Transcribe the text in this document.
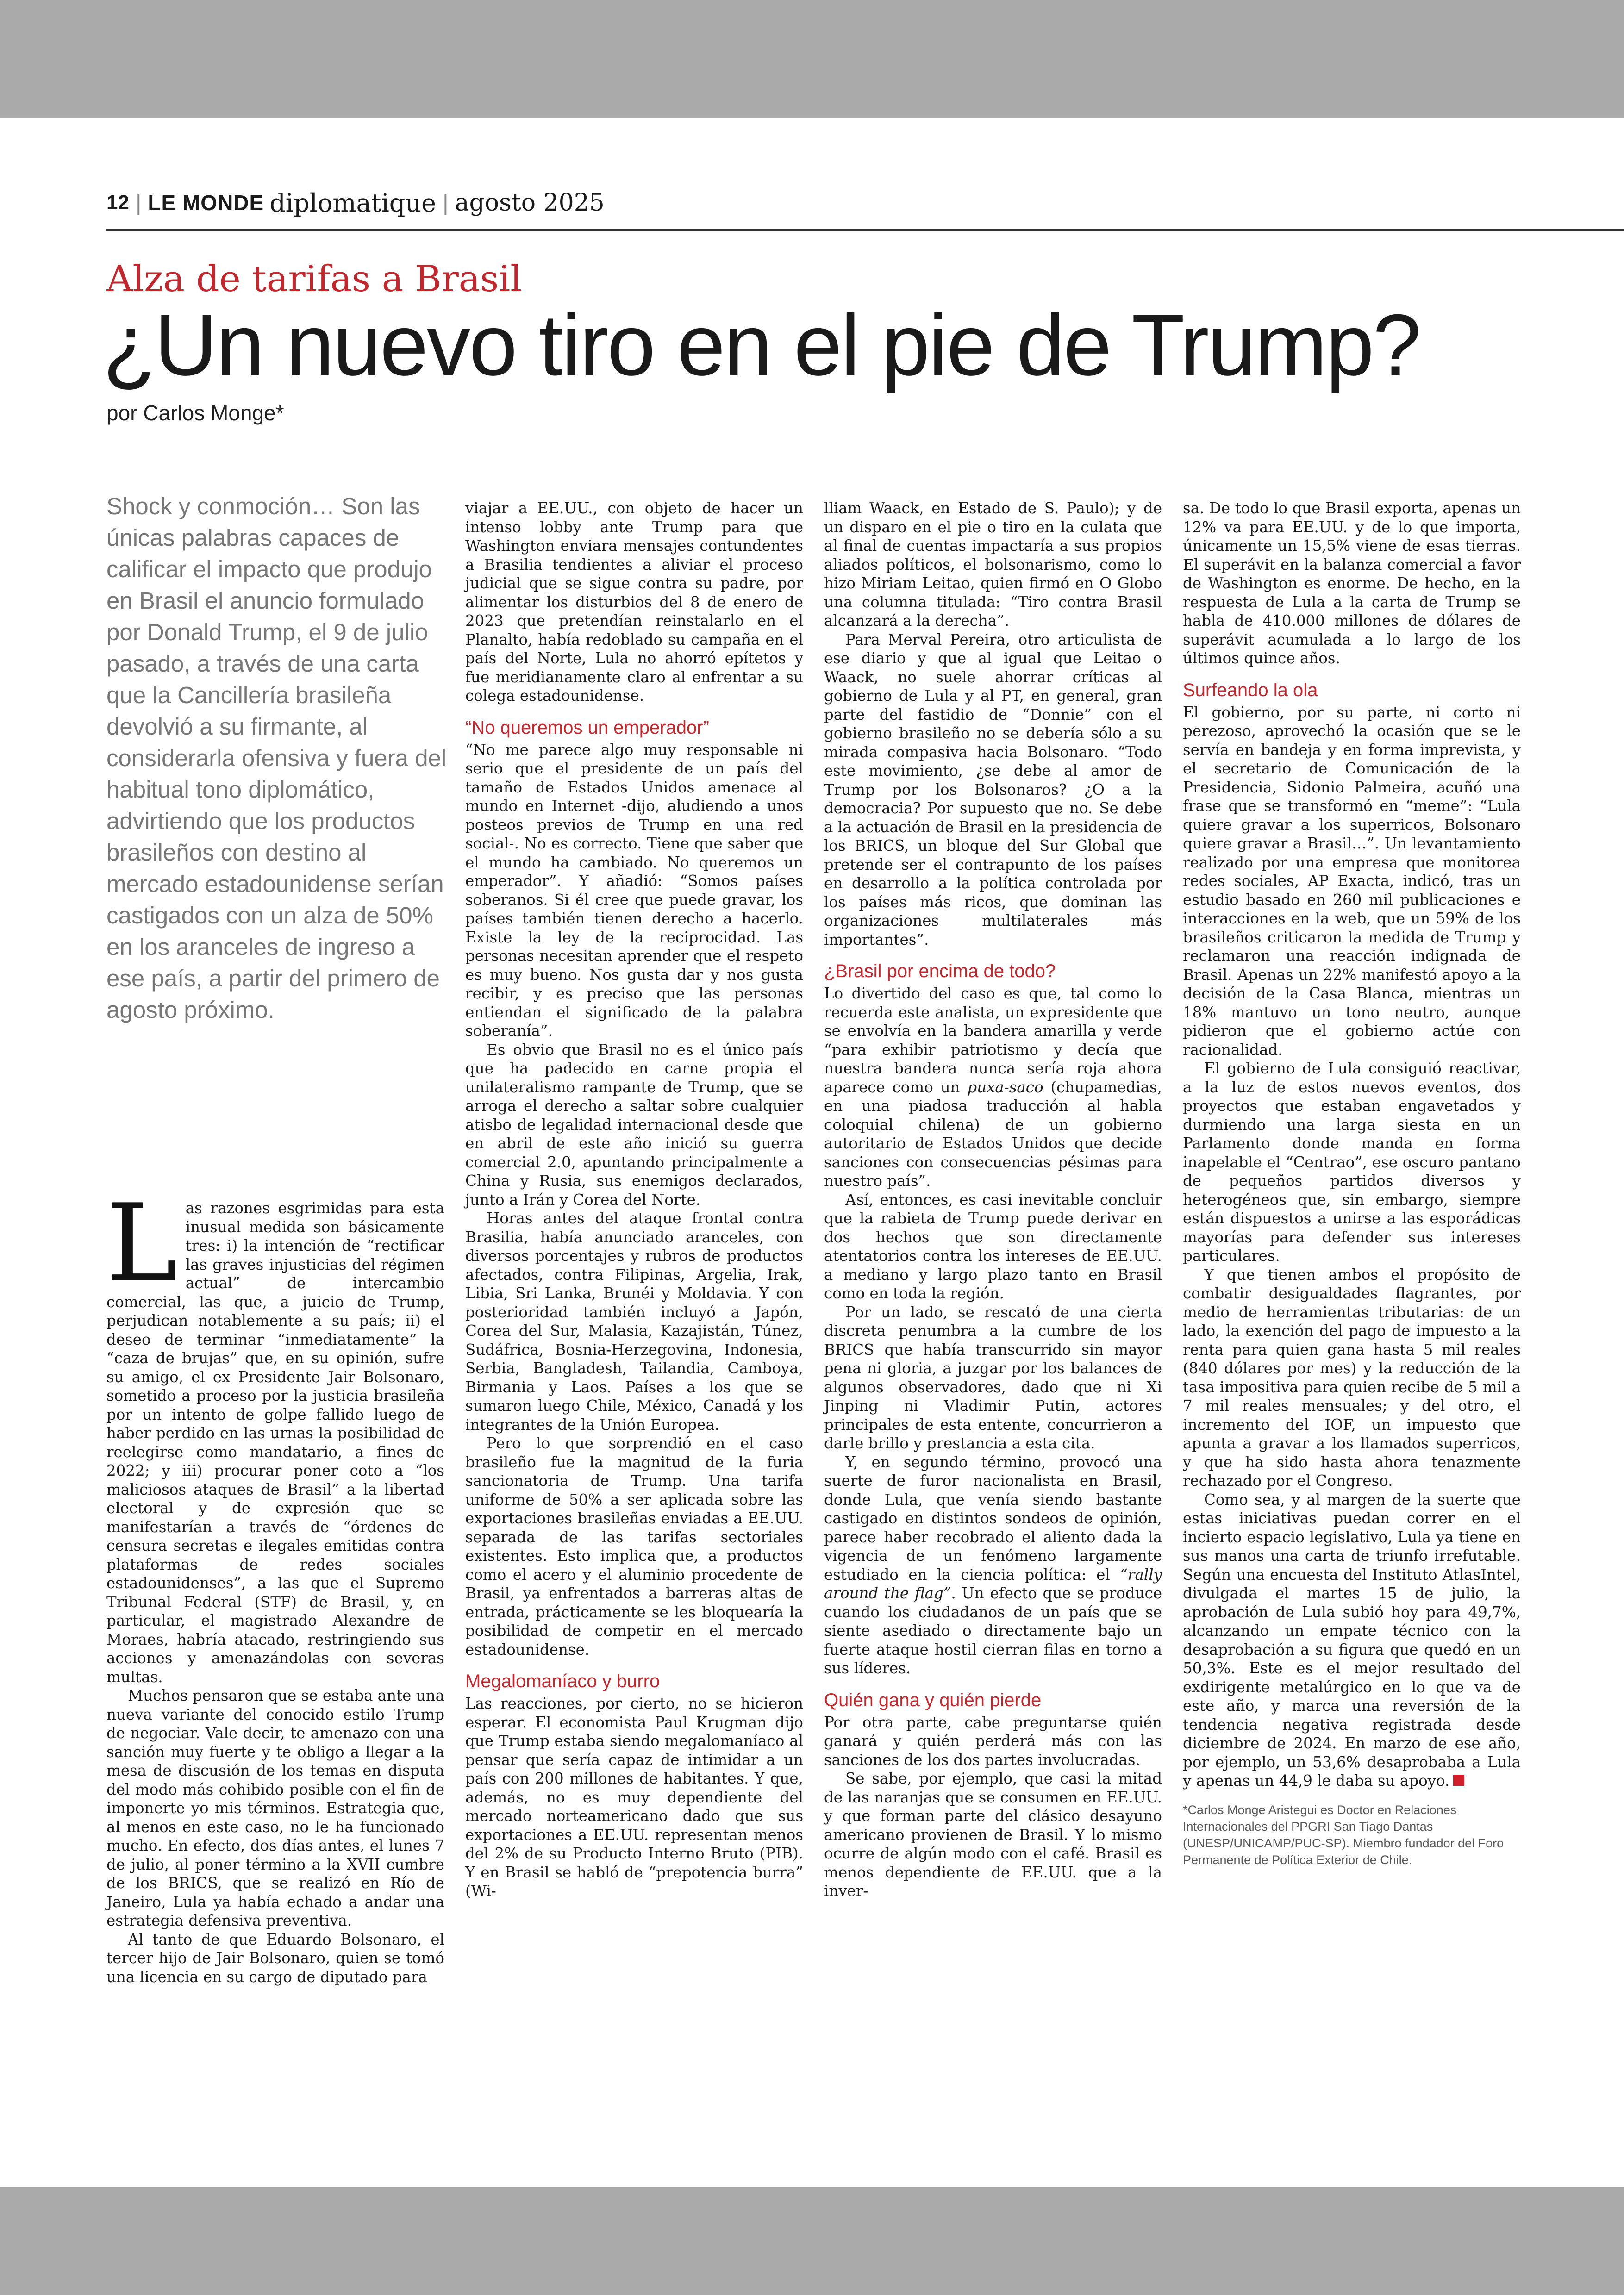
12 | LE MONDE diplomatique | agosto 2025
Alza de tarifas a Brasil
¿Un nuevo tiro en el pie de Trump?
por Carlos Monge*

Shock y conmoción… Son las únicas palabras capaces de calificar el impacto que produjo en Brasil el anuncio formulado por Donald Trump, el 9 de julio pasado, a través de una carta que la Cancillería brasileña devolvió a su firmante, al considerarla ofensiva y fuera del habitual tono diplomático, advirtiendo que los productos brasileños con destino al mercado estadounidense serían castigados con un alza de 50% en los aranceles de ingreso a ese país, a partir del primero de agosto próximo.

Las razones esgrimidas para esta inusual medida son básicamente tres: i) la intención de “rectificar las graves injusticias del régimen actual” de intercambio comercial, las que, a juicio de Trump, perjudican notablemente a su país; ii) el deseo de terminar “inmediatamente” la “caza de brujas” que, en su opinión, sufre su amigo, el ex Presidente Jair Bolsonaro, sometido a proceso por la justicia brasileña por un intento de golpe fallido luego de haber perdido en las urnas la posibilidad de reelegirse como mandatario, a fines de 2022; y iii) procurar poner coto a “los maliciosos ataques de Brasil” a la libertad electoral y de expresión que se manifestarían a través de “órdenes de censura secretas e ilegales emitidas contra plataformas de redes sociales estadounidenses”, a las que el Supremo Tribunal Federal (STF) de Brasil, y, en particular, el magistrado Alexandre de Moraes, habría atacado, restringiendo sus acciones y amenazándolas con severas multas.

Muchos pensaron que se estaba ante una nueva variante del conocido estilo Trump de negociar. Vale decir, te amenazo con una sanción muy fuerte y te obligo a llegar a la mesa de discusión de los temas en disputa del modo más cohibido posible con el fin de imponerte yo mis términos. Estrategia que, al menos en este caso, no le ha funcionado mucho. En efecto, dos días antes, el lunes 7 de julio, al poner término a la XVII cumbre de los BRICS, que se realizó en Río de Janeiro, Lula ya había echado a andar una estrategia defensiva preventiva.

Al tanto de que Eduardo Bolsonaro, el tercer hijo de Jair Bolsonaro, quien se tomó una licencia en su cargo de diputado para

viajar a EE.UU., con objeto de hacer un intenso lobby ante Trump para que Washington enviara mensajes contundentes a Brasilia tendientes a aliviar el proceso judicial que se sigue contra su padre, por alimentar los disturbios del 8 de enero de 2023 que pretendían reinstalarlo en el Planalto, había redoblado su campaña en el país del Norte, Lula no ahorró epítetos y fue meridianamente claro al enfrentar a su colega estadounidense.

“No queremos un emperador”

“No me parece algo muy responsable ni serio que el presidente de un país del tamaño de Estados Unidos amenace al mundo en Internet -dijo, aludiendo a unos posteos previos de Trump en una red social-. No es correcto. Tiene que saber que el mundo ha cambiado. No queremos un emperador”. Y añadió: “Somos países soberanos. Si él cree que puede gravar, los países también tienen derecho a hacerlo. Existe la ley de la reciprocidad. Las personas necesitan aprender que el respeto es muy bueno. Nos gusta dar y nos gusta recibir, y es preciso que las personas entiendan el significado de la palabra soberanía”.

Es obvio que Brasil no es el único país que ha padecido en carne propia el unilateralismo rampante de Trump, que se arroga el derecho a saltar sobre cualquier atisbo de legalidad internacional desde que en abril de este año inició su guerra comercial 2.0, apuntando principalmente a China y Rusia, sus enemigos declarados, junto a Irán y Corea del Norte.

Horas antes del ataque frontal contra Brasilia, había anunciado aranceles, con diversos porcentajes y rubros de productos afectados, contra Filipinas, Argelia, Irak, Libia, Sri Lanka, Brunéi y Moldavia. Y con posterioridad también incluyó a Japón, Corea del Sur, Malasia, Kazajistán, Túnez, Sudáfrica, Bosnia-Herzegovina, Indonesia, Serbia, Bangladesh, Tailandia, Camboya, Birmania y Laos. Países a los que se sumaron luego Chile, México, Canadá y los integrantes de la Unión Europea.

Pero lo que sorprendió en el caso brasileño fue la magnitud de la furia sancionatoria de Trump. Una tarifa uniforme de 50% a ser aplicada sobre las exportaciones brasileñas enviadas a EE.UU. separada de las tarifas sectoriales existentes. Esto implica que, a productos como el acero y el aluminio procedente de Brasil, ya enfrentados a barreras altas de entrada, prácticamente se les bloquearía la posibilidad de competir en el mercado estadounidense.

Megalomaníaco y burro

Las reacciones, por cierto, no se hicieron esperar. El economista Paul Krugman dijo que Trump estaba siendo megalomaníaco al pensar que sería capaz de intimidar a un país con 200 millones de habitantes. Y que, además, no es muy dependiente del mercado norteamericano dado que sus exportaciones a EE.UU. representan menos del 2% de su Producto Interno Bruto (PIB). Y en Brasil se habló de “prepotencia burra” (Wi-

lliam Waack, en Estado de S. Paulo); y de un disparo en el pie o tiro en la culata que al final de cuentas impactaría a sus propios aliados políticos, el bolsonarismo, como lo hizo Miriam Leitao, quien firmó en O Globo una columna titulada: “Tiro contra Brasil alcanzará a la derecha”.

Para Merval Pereira, otro articulista de ese diario y que al igual que Leitao o Waack, no suele ahorrar críticas al gobierno de Lula y al PT, en general, gran parte del fastidio de “Donnie” con el gobierno brasileño no se debería sólo a su mirada compasiva hacia Bolsonaro. “Todo este movimiento, ¿se debe al amor de Trump por los Bolsonaros? ¿O a la democracia? Por supuesto que no. Se debe a la actuación de Brasil en la presidencia de los BRICS, un bloque del Sur Global que pretende ser el contrapunto de los países en desarrollo a la política controlada por los países más ricos, que dominan las organizaciones multilaterales más importantes”.

¿Brasil por encima de todo?

Lo divertido del caso es que, tal como lo recuerda este analista, un expresidente que se envolvía en la bandera amarilla y verde “para exhibir patriotismo y decía que nuestra bandera nunca sería roja ahora aparece como un puxa-saco (chupamedias, en una piadosa traducción al habla coloquial chilena) de un gobierno autoritario de Estados Unidos que decide sanciones con consecuencias pésimas para nuestro país”.

Así, entonces, es casi inevitable concluir que la rabieta de Trump puede derivar en dos hechos que son directamente atentatorios contra los intereses de EE.UU. a mediano y largo plazo tanto en Brasil como en toda la región.

Por un lado, se rescató de una cierta discreta penumbra a la cumbre de los BRICS que había transcurrido sin mayor pena ni gloria, a juzgar por los balances de algunos observadores, dado que ni Xi Jinping ni Vladimir Putin, actores principales de esta entente, concurrieron a darle brillo y prestancia a esta cita.

Y, en segundo término, provocó una suerte de furor nacionalista en Brasil, donde Lula, que venía siendo bastante castigado en distintos sondeos de opinión, parece haber recobrado el aliento dada la vigencia de un fenómeno largamente estudiado en la ciencia política: el “rally around the flag”. Un efecto que se produce cuando los ciudadanos de un país que se siente asediado o directamente bajo un fuerte ataque hostil cierran filas en torno a sus líderes.

Quién gana y quién pierde

Por otra parte, cabe preguntarse quién ganará y quién perderá más con las sanciones de los dos partes involucradas.

Se sabe, por ejemplo, que casi la mitad de las naranjas que se consumen en EE.UU. y que forman parte del clásico desayuno americano provienen de Brasil. Y lo mismo ocurre de algún modo con el café. Brasil es menos dependiente de EE.UU. que a la inver-

sa. De todo lo que Brasil exporta, apenas un 12% va para EE.UU. y de lo que importa, únicamente un 15,5% viene de esas tierras. El superávit en la balanza comercial a favor de Washington es enorme. De hecho, en la respuesta de Lula a la carta de Trump se habla de 410.000 millones de dólares de superávit acumulada a lo largo de los últimos quince años.

Surfeando la ola

El gobierno, por su parte, ni corto ni perezoso, aprovechó la ocasión que se le servía en bandeja y en forma imprevista, y el secretario de Comunicación de la Presidencia, Sidonio Palmeira, acuñó una frase que se transformó en “meme”: “Lula quiere gravar a los superricos, Bolsonaro quiere gravar a Brasil…”. Un levantamiento realizado por una empresa que monitorea redes sociales, AP Exacta, indicó, tras un estudio basado en 260 mil publicaciones e interacciones en la web, que un 59% de los brasileños criticaron la medida de Trump y reclamaron una reacción indignada de Brasil. Apenas un 22% manifestó apoyo a la decisión de la Casa Blanca, mientras un 18% mantuvo un tono neutro, aunque pidieron que el gobierno actúe con racionalidad.

El gobierno de Lula consiguió reactivar, a la luz de estos nuevos eventos, dos proyectos que estaban engavetados y durmiendo una larga siesta en un Parlamento donde manda en forma inapelable el “Centrao”, ese oscuro pantano de pequeños partidos diversos y heterogéneos que, sin embargo, siempre están dispuestos a unirse a las esporádicas mayorías para defender sus intereses particulares.

Y que tienen ambos el propósito de combatir desigualdades flagrantes, por medio de herramientas tributarias: de un lado, la exención del pago de impuesto a la renta para quien gana hasta 5 mil reales (840 dólares por mes) y la reducción de la tasa impositiva para quien recibe de 5 mil a 7 mil reales mensuales; y del otro, el incremento del IOF, un impuesto que apunta a gravar a los llamados superricos, y que ha sido hasta ahora tenazmente rechazado por el Congreso.

Como sea, y al margen de la suerte que estas iniciativas puedan correr en el incierto espacio legislativo, Lula ya tiene en sus manos una carta de triunfo irrefutable. Según una encuesta del Instituto AtlasIntel, divulgada el martes 15 de julio, la aprobación de Lula subió hoy para 49,7%, alcanzando un empate técnico con la desaprobación a su figura que quedó en un 50,3%. Este es el mejor resultado del exdirigente metalúrgico en lo que va de este año, y marca una reversión de la tendencia negativa registrada desde diciembre de 2024. En marzo de ese año, por ejemplo, un 53,6% desaprobaba a Lula y apenas un 44,9 le daba su apoyo.

*Carlos Monge Aristegui es Doctor en Relaciones Internacionales del PPGRI San Tiago Dantas (UNESP/UNICAMP/PUC-SP). Miembro fundador del Foro Permanente de Política Exterior de Chile.
